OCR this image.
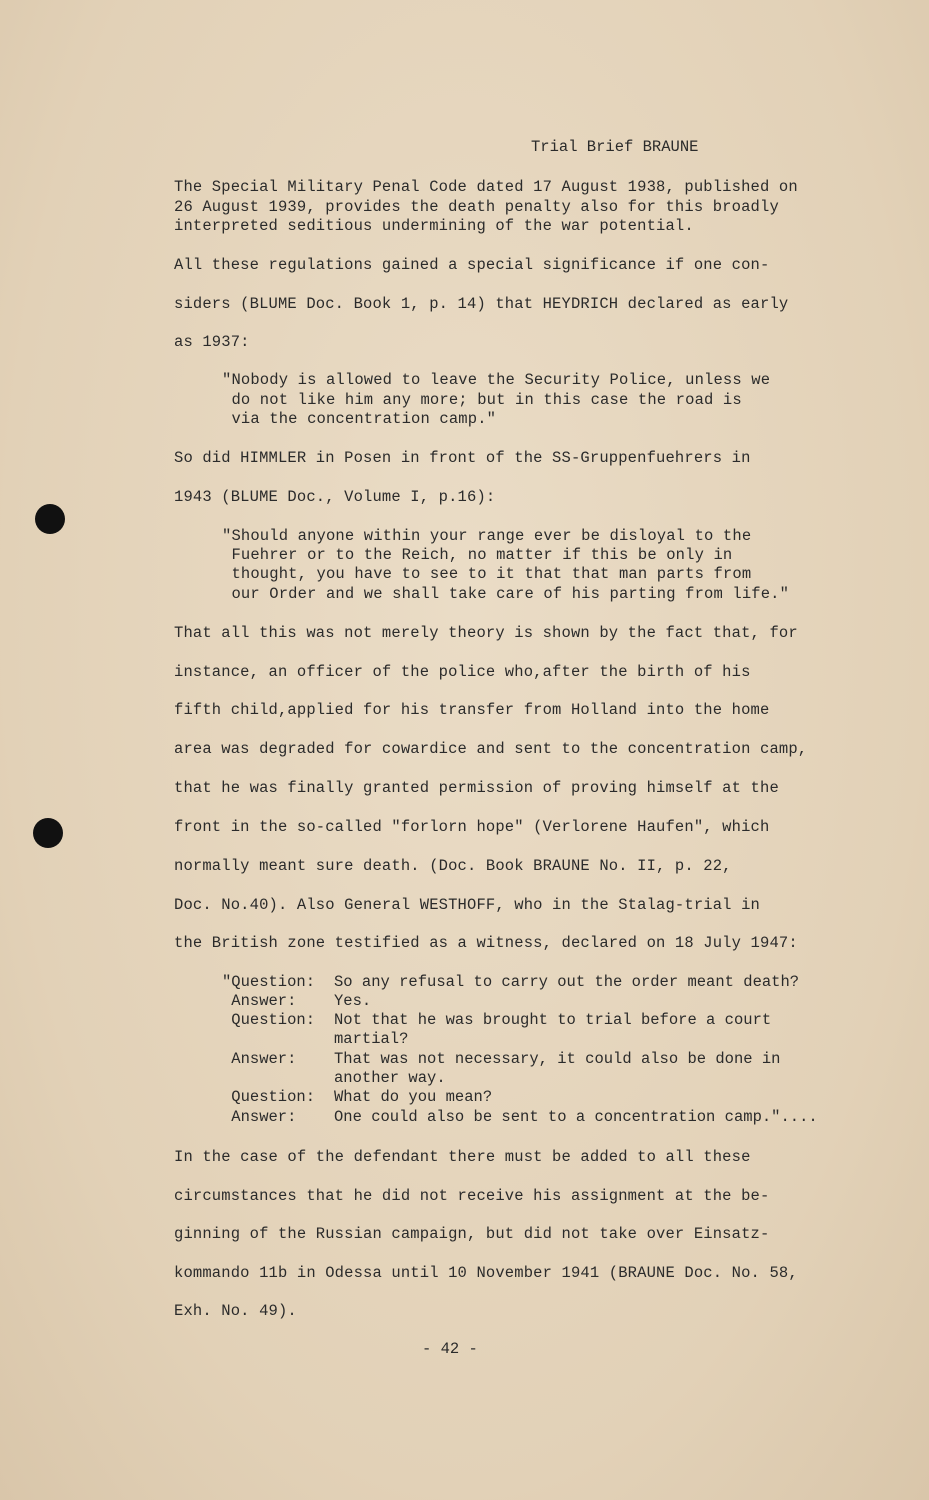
Trial Brief BRAUNE
The Special Military Penal Code dated 17 August 1938, published on
26 August 1939, provides the death penalty also for this broadly
interpreted seditious undermining of the war potential.
All these regulations gained a special significance if one con-
siders (BLUME Doc. Book 1, p. 14) that HEYDRICH declared as early
as 1937:
"Nobody is allowed to leave the Security Police, unless we
do not like him any more; but in this case the road is
via the concentration camp."
So did HIMMLER in Posen in front of the SS-Gruppenfuehrers in
1943 (BLUME Doc., Volume I, p.16):
"Should anyone within your range ever be disloyal to the
Fuehrer or to the Reich, no matter if this be only in
thought, you have to see to it that that man parts from
our Order and we shall take care of his parting from life."
That all this was not merely theory is shown by the fact that, for
instance, an officer of the police who,after the birth of his
fifth child,applied for his transfer from Holland into the home
area was degraded for cowardice and sent to the concentration camp,
that he was finally granted permission of proving himself at the
front in the so-called "forlorn hope" (Verlorene Haufen", which
normally meant sure death. (Doc. Book BRAUNE No. II, p. 22,
Doc. No.40). Also General WESTHOFF, who in the Stalag-trial in
the British zone testified as a witness, declared on 18 July 1947:
"Question: So any refusal to carry out the order meant death?
Answer: Yes.
Question: Not that he was brought to trial before a court
martial?
Answer: That was not necessary, it could also be done in
another way.
Question: What do you mean?
Answer: One could also be sent to a concentration camp."....
In the case of the defendant there must be added to all these
circumstances that he did not receive his assignment at the be-
ginning of the Russian campaign, but did not take over Einsatz-
kommando 11b in Odessa until 10 November 1941 (BRAUNE Doc. No. 58,
Exh. No. 49).
- 42 -
